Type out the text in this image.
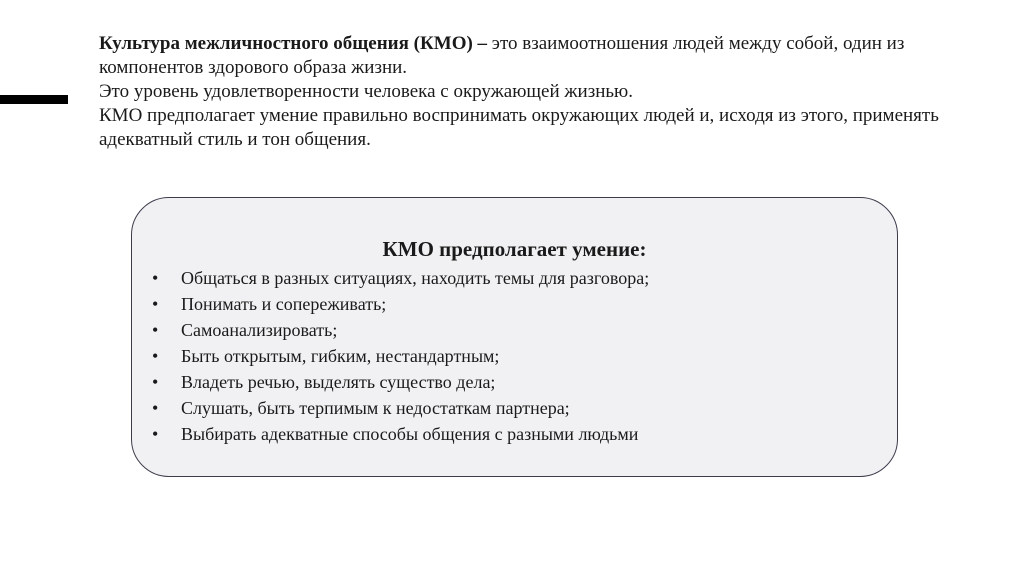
Культура межличностного общения (КМО) – это взаимоотношения людей между собой, один из компонентов здорового образа жизни.

Это уровень удовлетворенности человека с окружающей жизнью.

КМО предполагает умение правильно воспринимать окружающих людей и, исходя из этого, применять адекватный стиль и тон общения.

КМО предполагает умение:
• Общаться в разных ситуациях, находить темы для разговора;
• Понимать и сопереживать;
• Самоанализировать;
• Быть открытым, гибким, нестандартным;
• Владеть речью, выделять существо дела;
• Слушать, быть терпимым к недостаткам партнера;
• Выбирать адекватные способы общения с разными людьми
